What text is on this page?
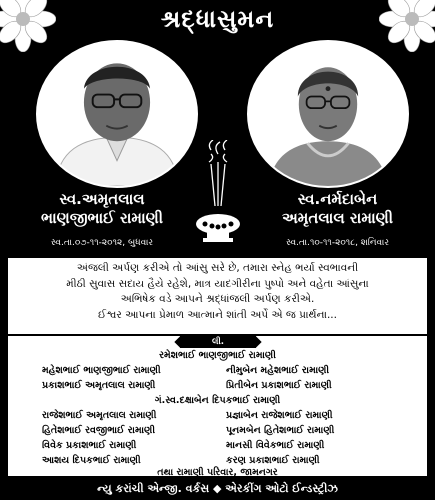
શ્રદ્ધાસુમન
સ્વ.અમૃતલાલ
ભાણજીભાઈ રામાણી
સ્વ.તા.૦૭-૧૧-૨૦૧૨, બુધવાર
સ્વ.નર્મદાબેન
અમૃતલાલ રામાણી
સ્વ.તા.૧૦-૧૧-૨૦૧૮, શનિવાર
અંજલી અર્પણ કરીએ તો આંસુ સરે છે, તમારા સ્નેહ ભર્યા સ્વભાવની
મીઠી સુવાસ સદાય હૈયે રહેશે, માત્ર યાદગીરીના પુષ્પો અને વહેતા આંસુના
અભિષેક વડે આપને શ્રદ્ધાંજલી અર્પણ કરીએ.
ઈશ્વર આપના પ્રેમાળ આત્માને શાંતી અર્પે એ જ પ્રાર્થના...
લી.
રમેશભાઈ ભાણજીભાઈ રામાણી
મહેશભાઈ ભાણજીભાઈ રામાણી	નીમુબેન મહેશભાઈ રામાણી
પ્રકાશભાઈ અમૃતલાલ રામાણી	પ્રિતીબેન પ્રકાશભાઈ રામાણી
ગં.સ્વ.દક્ષાબેન દિપકભાઈ રામાણી
રાજેશભાઈ અમૃતલાલ રામાણી	પ્રજ્ઞાબેન રાજેશભાઈ રામાણી
હિતેશભાઈ રવજીભાઈ રામાણી	પૂનમબેન હિતેશભાઈ રામાણી
વિવેક પ્રકાશભાઈ રામાણી	માનસી વિવેકભાઈ રામાણી
આશય દિપકભાઈ રામાણી	કરણ પ્રકાશભાઈ રામાણી
તથા રામાણી પરિવાર, જામનગર
ન્યુ કરાંચી એન્જી. વર્કસ ◆ એરકીંગ ઓટો ઈન્ડસ્ટ્રીઝ
